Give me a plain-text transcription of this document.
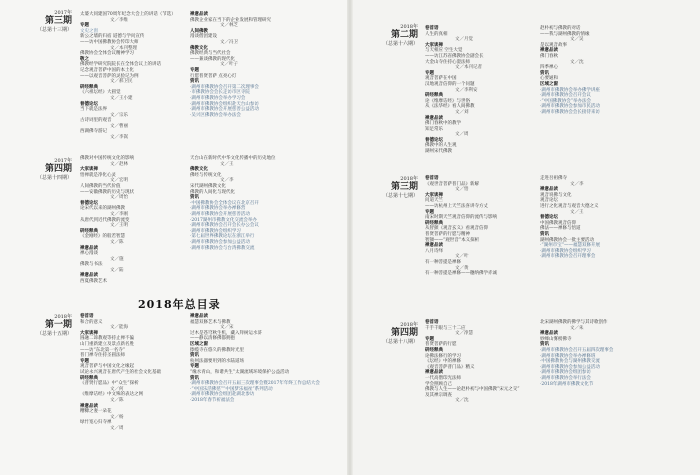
2017年
第三期
（总第十三期）
太婆大同建国70周年纪念大会上的讲话（节选）
文／李维
专题
文史之窗
新公之墙的归宿 道德与学问宣传
——访中国佛教协会传印大师
文／本刊整理
佛教协会全体会议精神学习
敬之
佛教经学研究院院长在全体会议上的讲话
记念观音菩萨中国的本土化
——以观音菩萨的灵验记为例
文／郝卫民
研经释典
《六祖坛经》大圆觉
文／王小建
普德论坛
当下就是法界
文／宗乐
古诗词里的观音
文／曹丽
西湖佛寺游记
文／李嵩
禅意品读
佛教企业家在当下的企业发展和管理研究
文／林芝
人间佛教
漫谈僧团建设
文／冯卫
佛教文化
佛教经典与当代社会
——兼谈佛教的现代化
文／叶子
专题
行愿普贤菩萨 点亮心灯
资讯
·湖州市佛教协会召开第二次理事会
·市佛教协会会长走访市区寺院
·湖州市佛教协会举办学习会
·湖州市佛教协会组织赴天台山参访
·湖州市佛教协会开展慈善公益活动
·吴兴区佛教协会举办法会
2017年
第四期
（总第十四期）
佛教对中国传统文化的影响
文／赵林
大家谈禅
悟禅就是净化心灵
文／宏明
人间佛教的当代价值
——安徽佛教的历史与现状
文／周怡
普德论坛
论宋代以来的湖州佛教
文／李刚
从唐代到近代佛教的流变
文／王明
研经释典
《金刚经》的般若智慧
文／陈
禅意品读
禅心漫谈
文／施
佛教与书法
文／陆
禅意品读
西夏佛教艺术
天台山在新时代中华文化传播中的历史地位
文／王
佛教文化
佛经与传统文化
文／李
宋代湖州佛教文化
佛教的人间化与现代化
资讯
·中国佛教协会全体会议在北京召开
·湖州市佛教协会举办禅修营
·湖州市佛教协会开展慈善活动
·2017湖州市佛教文化交流会举办
·湖州市佛教协会召开会长办公会议
·湖州市佛教协会组织学习
·第七届世界佛教论坛在浙江举行
·湖州市佛教协会参加公益活动
·湖州市佛教协会与台湾佛教交流
2018年总目录
2018年
第一期
（总第十五期）
卷首语
和合的意义
文／能海
大家谈禅
圆融二谛教观等持止禅不偏
山门重新建立及景点新名胜
——访“东北第一名寺”
普门禅寺住持圣圆法师
专题
观音菩萨与中国文化之缘起
试论永兴观音在唐代产生的社会文化基础
研经释典
《普贤行愿品》中“众生”探析
文／何
《维摩诘经》中文殊的表达之网
文／陈
禅意品读
糟糠之妻一朵花
文／杨
绿竹宽心归寺禅
文／周
禅意品读
福慧双修艺术与佛教
文／宋
过木是苍穹秋生机，藏入拜树运水浒
——静以清修佛都拥抱
区域之窗
擦缆寺在悠久的佛教时光里
资讯
杭州法器要用到的水陆道场
专题
“缘水青山，和谐共生”太湖流域环境保护公益活动
资讯
·湖州市佛教协会召开五届三次理事会暨2017年年终工作总结大会
·“中国乐活佛慈”“中国梦乐福祉”系列活动
·湖州市佛教协会组团赴湖北参访
·2018年春节祈福法会
2018年
第二期
（总第十六期）
卷首语
人生的真相
文／月觉
大家谈禅
与天相应 空生大觉
——访江苏省佛教协会副会长
大金山寺住持心澄法师
文／本刊记者
专题
观音菩萨在中国
汉地观音信仰的一个问题
文／李利安
研经释典
论《维摩诘经》与世俗
从《法华经》看人间佛教
文／刘
禅意品读
佛门春秋中的教学
知足常乐
文／周
普德论坛
佛教中的人生观
湖州宋代佛教
赵朴初与佛教的对话
——我与湖州佛教的情缘
文／吴
是以观音故事
禅意品读
佛门春秋
文／沈
四季禅心
资讯
心要通和
区域之窗
·湖州市佛教协会举办佛学讲座
·湖州市佛教协会召开会议
·“中国佛教协会”举办法会
·湖州市佛教协会参加市民活动
·湖州市佛教协会会长接待来访
2018年
第三期
（总第十七期）
卷首语
《观世音菩萨普门品》新解
文／悟
大家谈禅
问道天竺
——访杭州上天竺法喜讲寺方丈
专题
南宋时期天竺观音信仰的流传与影响
研经释典
从智顗《观音玄义》看观音信仰
普贤菩萨的行愿与精神
智顗——“观世音”本义探析
禅意品读
八月诗绎
文／叶
有一种菩提是禅修
文／黄
有一种菩提是禅修——穗纳佛学赤诚
走进吾祖佛寺
文／李
禅意品读
观音说佛与文化
观音论坛
进行之化观音与观音大德之义
文／王
普德论坛
中国佛教观音信仰
佛法——禅修与悟道
资讯
湖州佛教协会一批主要活动
·“湖州市宝”——福慧双修开展
·湖州市佛教协会组织学习
·湖州市佛教协会召开理事会
2018年
第四期
（总第十八期）
卷首语
千手千眼与三十二应
文／净慧
专题
普贤菩萨的行愿
研经释典
论佛法修行的学习
《坛经》中的禅修
《观音菩萨普门品》精义
禅意品读
一代高僧印光法师
学会照顾自己
佛教与人生——论赵朴初与中国佛教“宋元之交”
及其禅宗调查
文／沈
北宋湖州佛教的佛学与其诗歌创作
文／朱
禅意品读
妙峰山雾榜佛寺
资讯
·湖州市佛教协会召开五届四次理事会
·湖州市佛教协会举办禅修班
·中国佛教协会与湖州佛教交流
·湖州市佛教协会参加公益活动
·湖州市佛教协会组团参访
·湖州市佛教协会举行法会
·2018年湖州市佛教文化节
